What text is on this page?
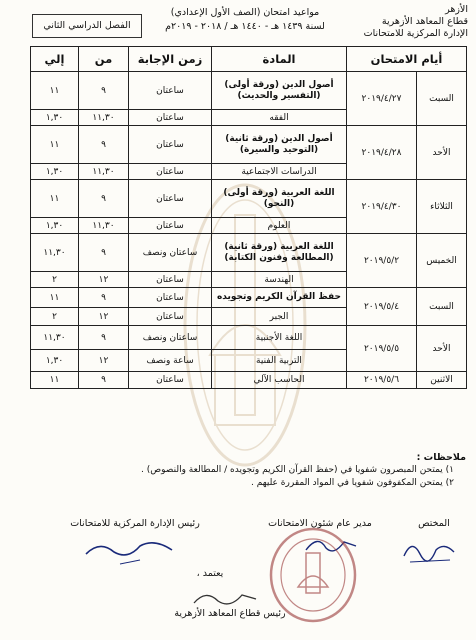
الأزهر
قطاع المعاهد الأزهرية
الإدارة المركزية للامتحانات
مواعيد امتحان (الصف الأول الإعدادي)
لسنة ١٤٣٩ هـ - ١٤٤٠ هـ / ٢٠١٨ - ٢٠١٩م
الفصل الدراسي الثاني
أيام الامتحان		المادة	زمن الإجابة	من	إلي
السبت	٢٠١٩/٤/٢٧	أصول الدين (ورقة أولى) (التفسير والحديث)	ساعتان	٩	١١
		الفقه	ساعتان	١١,٣٠	١,٣٠
الأحد	٢٠١٩/٤/٢٨	أصول الدين (ورقة ثانية) (التوحيد والسيرة)	ساعتان	٩	١١
		الدراسات الاجتماعية	ساعتان	١١,٣٠	١,٣٠
الثلاثاء	٢٠١٩/٤/٣٠	اللغة العربية (ورقة أولى) (النحو)	ساعتان	٩	١١
		العلوم	ساعتان	١١,٣٠	١,٣٠
الخميس	٢٠١٩/٥/٢	اللغة العربية (ورقة ثانية) (المطالعة وفنون الكتابة)	ساعتان ونصف	٩	١١,٣٠
		الهندسة	ساعتان	١٢	٢
السبت	٢٠١٩/٥/٤	حفظ القرآن الكريم وتجويده	ساعتان	٩	١١
		الجبر	ساعتان	١٢	٢
الأحد	٢٠١٩/٥/٥	اللغة الأجنبية	ساعتان ونصف	٩	١١,٣٠
		التربية الفنية	ساعة ونصف	١٢	١,٣٠
الاثنين	٢٠١٩/٥/٦	الحاسب الآلي	ساعتان	٩	١١
ملاحظات :
١) يمتحن المبصرون شفويا في (حفظ القرآن الكريم وتجويده / المطالعة والنصوص) .
٢) يمتحن المكفوفون شفويا في المواد المقررة عليهم .
المختص
مدير عام شئون الامتحانات
رئيس الإدارة المركزية للامتحانات
يعتمد ،
رئيس قطاع المعاهد الأزهرية
